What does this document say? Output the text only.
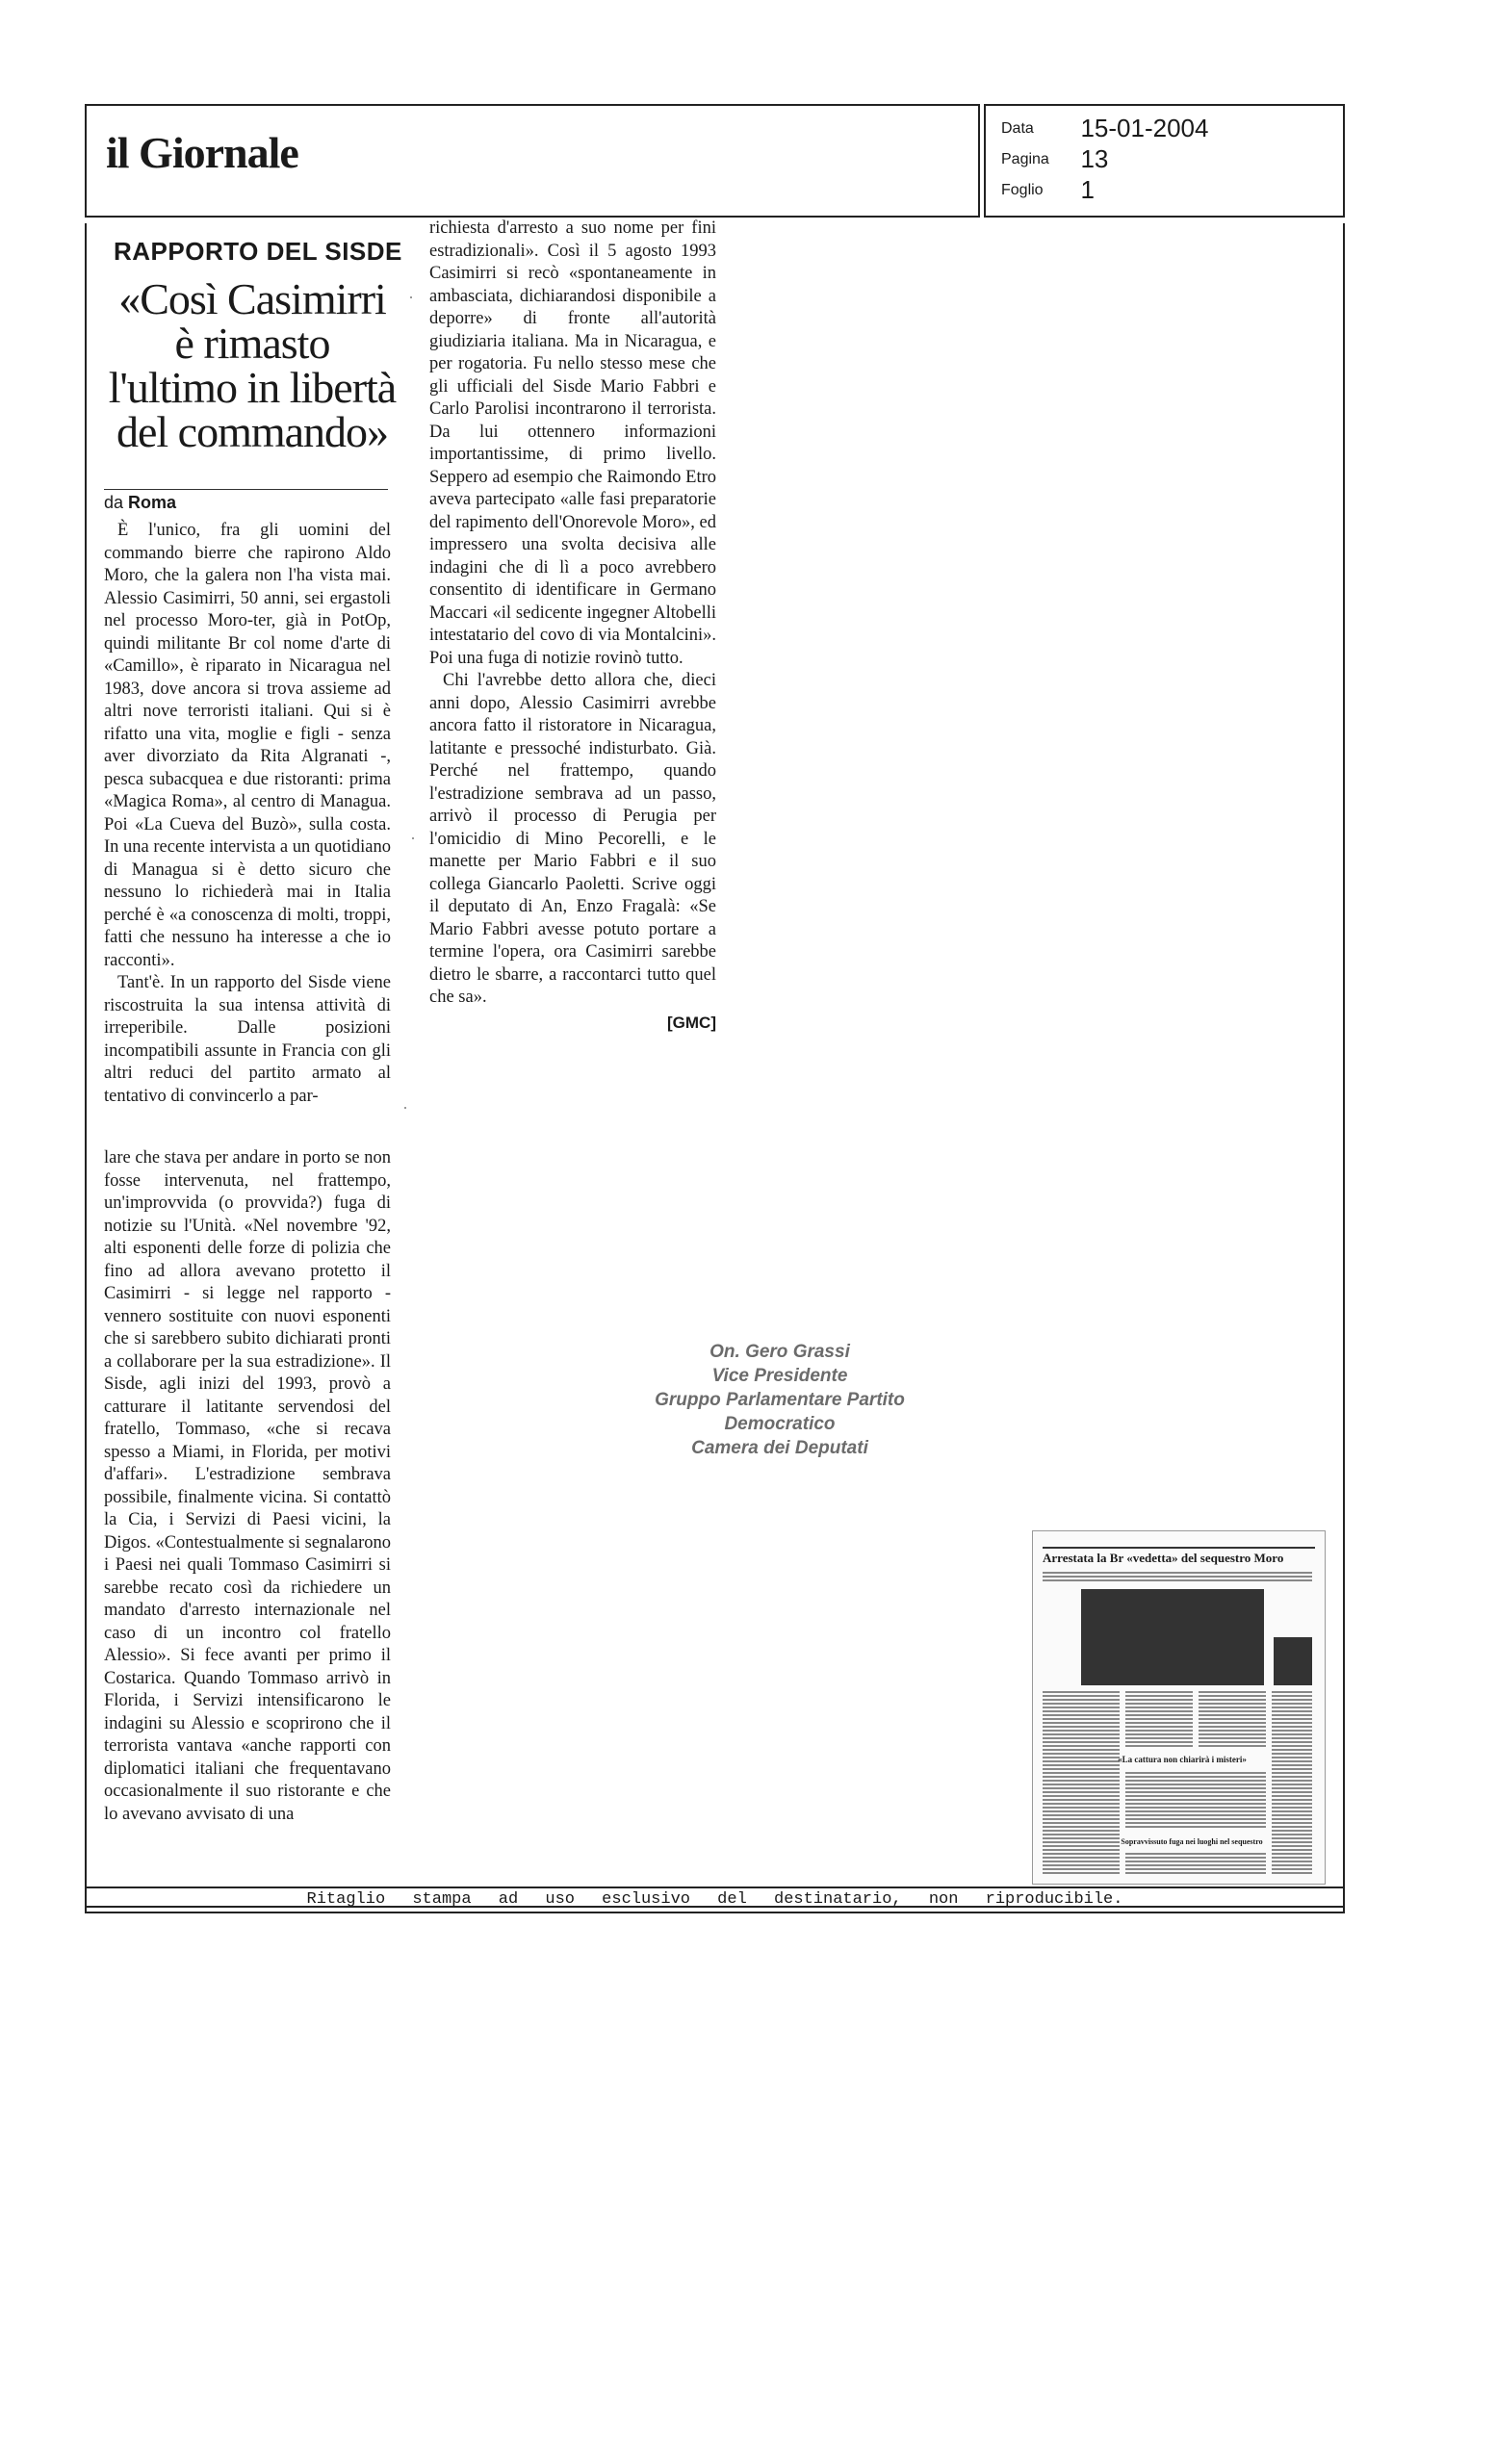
il Giornale	Data 15-01-2004
Pagina 13
Foglio 1
RAPPORTO DEL SISDE
«Così Casimirri è rimasto l'ultimo in libertà del commando»
da Roma

È l'unico, fra gli uomini del commando bierre che rapirono Aldo Moro, che la galera non l'ha vista mai. Alessio Casimirri, 50 anni, sei ergastoli nel processo Moro-ter, già in PotOp, quindi militante Br col nome d'arte di «Camillo», è riparato in Nicaragua nel 1983, dove ancora si trova assieme ad altri nove terroristi italiani. Qui si è rifatto una vita, moglie e figli - senza aver divorziato da Rita Algranati -, pesca subacquea e due ristoranti: prima «Magica Roma», al centro di Managua. Poi «La Cueva del Buzò», sulla costa. In una recente intervista a un quotidiano di Managua si è detto sicuro che nessuno lo richiederà mai in Italia perché è «a conoscenza di molti, troppi, fatti che nessuno ha interesse a che io racconti».

Tant'è. In un rapporto del Sisde viene riscostruita la sua intensa attività di irreperibile. Dalle posizioni incompatibili assunte in Francia con gli altri reduci del partito armato al tentativo di convincerlo a par-

lare che stava per andare in porto se non fosse intervenuta, nel frattempo, un'improvvida (o provvida?) fuga di notizie su l'Unità. «Nel novembre '92, alti esponenti delle forze di polizia che fino ad allora avevano protetto il Casimirri - si legge nel rapporto - vennero sostituite con nuovi esponenti che si sarebbero subito dichiarati pronti a collaborare per la sua estradizione». Il Sisde, agli inizi del 1993, provò a catturare il latitante servendosi del fratello, Tommaso, «che si recava spesso a Miami, in Florida, per motivi d'affari». L'estradizione sembrava possibile, finalmente vicina. Si contattò la Cia, i Servizi di Paesi vicini, la Digos. «Contestualmente si segnalarono i Paesi nei quali Tommaso Casimirri si sarebbe recato così da richiedere un mandato d'arresto internazionale nel caso di un incontro col fratello Alessio». Si fece avanti per primo il Costarica. Quando Tommaso arrivò in Florida, i Servizi intensificarono le indagini su Alessio e scoprirono che il terrorista vantava «anche rapporti con diplomatici italiani che frequentavano occasionalmente il suo ristorante e che lo avevano avvisato di una

richiesta d'arresto a suo nome per fini estradizionali». Così il 5 agosto 1993 Casimirri si recò «spontaneamente in ambasciata, dichiarandosi disponibile a deporre» di fronte all'autorità giudiziaria italiana. Ma in Nicaragua, e per rogatoria. Fu nello stesso mese che gli ufficiali del Sisde Mario Fabbri e Carlo Parolisi incontrarono il terrorista. Da lui ottennero informazioni importantissime, di primo livello. Seppero ad esempio che Raimondo Etro aveva partecipato «alle fasi preparatorie del rapimento dell'Onorevole Moro», ed impressero una svolta decisiva alle indagini che di lì a poco avrebbero consentito di identificare in Germano Maccari «il sedicente ingegner Altobelli intestatario del covo di via Montalcini». Poi una fuga di notizie rovinò tutto.

Chi l'avrebbe detto allora che, dieci anni dopo, Alessio Casimirri avrebbe ancora fatto il ristoratore in Nicaragua, latitante e pressoché indisturbato. Già. Perché nel frattempo, quando l'estradizione sembrava ad un passo, arrivò il processo di Perugia per l'omicidio di Mino Pecorelli, e le manette per Mario Fabbri e il suo collega Giancarlo Paoletti. Scrive oggi il deputato di An, Enzo Fragalà: «Se Mario Fabbri avesse potuto portare a termine l'opera, ora Casimirri sarebbe dietro le sbarre, a raccontarci tutto quel che sa».

[GMC]
On. Gero Grassi
Vice Presidente
Gruppo Parlamentare Partito Democratico
Camera dei Deputati
Arrestata la Br «vedetta» del sequestro Moro
«La cattura non chiarirà i misteri»
Sopravvissuto fuga nei luoghi nel sequestro
Ritaglio stampa ad uso esclusivo del destinatario, non riproducibile.
